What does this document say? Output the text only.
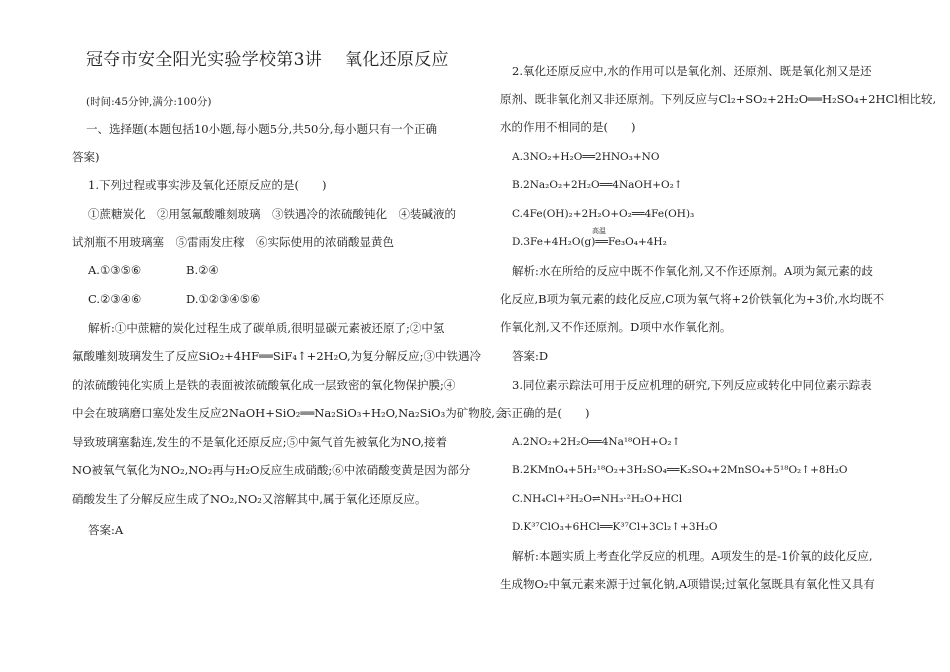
冠夺市安全阳光实验学校第3讲　 氧化还原反应
(时间:45分钟,满分:100分)
一、选择题(本题包括10小题,每小题5分,共50分,每小题只有一个正确
答案)
1.下列过程或事实涉及氧化还原反应的是(　　)
①蔗糖炭化　②用氢氟酸雕刻玻璃　③铁遇冷的浓硫酸钝化　④装碱液的
试剂瓶不用玻璃塞　⑤雷雨发庄稼　⑥实际使用的浓硝酸显黄色
A.①③⑤⑥	B.②④
C.②③④⑥	D.①②③④⑤⑥
解析:①中蔗糖的炭化过程生成了碳单质,很明显碳元素被还原了;②中氢
氟酸雕刻玻璃发生了反应SiO₂+4HF══SiF₄↑+2H₂O,为复分解反应;③中铁遇冷
的浓硫酸钝化实质上是铁的表面被浓硫酸氧化成一层致密的氧化物保护膜;④
中会在玻璃磨口塞处发生反应2NaOH+SiO₂══Na₂SiO₃+H₂O,Na₂SiO₃为矿物胶,会
导致玻璃塞黏连,发生的不是氧化还原反应;⑤中氮气首先被氧化为NO,接着
NO被氧气氧化为NO₂,NO₂再与H₂O反应生成硝酸;⑥中浓硝酸变黄是因为部分
硝酸发生了分解反应生成了NO₂,NO₂又溶解其中,属于氧化还原反应。
答案:A
2.氧化还原反应中,水的作用可以是氧化剂、还原剂、既是氧化剂又是还
原剂、既非氧化剂又非还原剂。下列反应与Cl₂+SO₂+2H₂O══H₂SO₄+2HCl相比较,
水的作用不相同的是(　　)
A.3NO₂+H₂O══2HNO₃+NO
B.2Na₂O₂+2H₂O══4NaOH+O₂↑
C.4Fe(OH)₂+2H₂O+O₂══4Fe(OH)₃
D.3Fe+4H₂O(g)══Fe₃O₄+4H₂
高温
解析:水在所给的反应中既不作氧化剂,又不作还原剂。A项为氮元素的歧
化反应,B项为氧元素的歧化反应,C项为氧气将+2价铁氧化为+3价,水均既不
作氧化剂,又不作还原剂。D项中水作氧化剂。
答案:D
3.同位素示踪法可用于反应机理的研究,下列反应或转化中同位素示踪表
示正确的是(　　)
A.2NO₂+2H₂O══4Na¹⁸OH+O₂↑
B.2KMnO₄+5H₂¹⁸O₂+3H₂SO₄══K₂SO₄+2MnSO₄+5¹⁸O₂↑+8H₂O
C.NH₄Cl+²H₂O⇌NH₃·²H₂O+HCl
D.K³⁷ClO₃+6HCl══K³⁷Cl+3Cl₂↑+3H₂O
解析:本题实质上考查化学反应的机理。A项发生的是-1价氧的歧化反应,
生成物O₂中氧元素来源于过氧化钠,A项错误;过氧化氢既具有氧化性又具有
